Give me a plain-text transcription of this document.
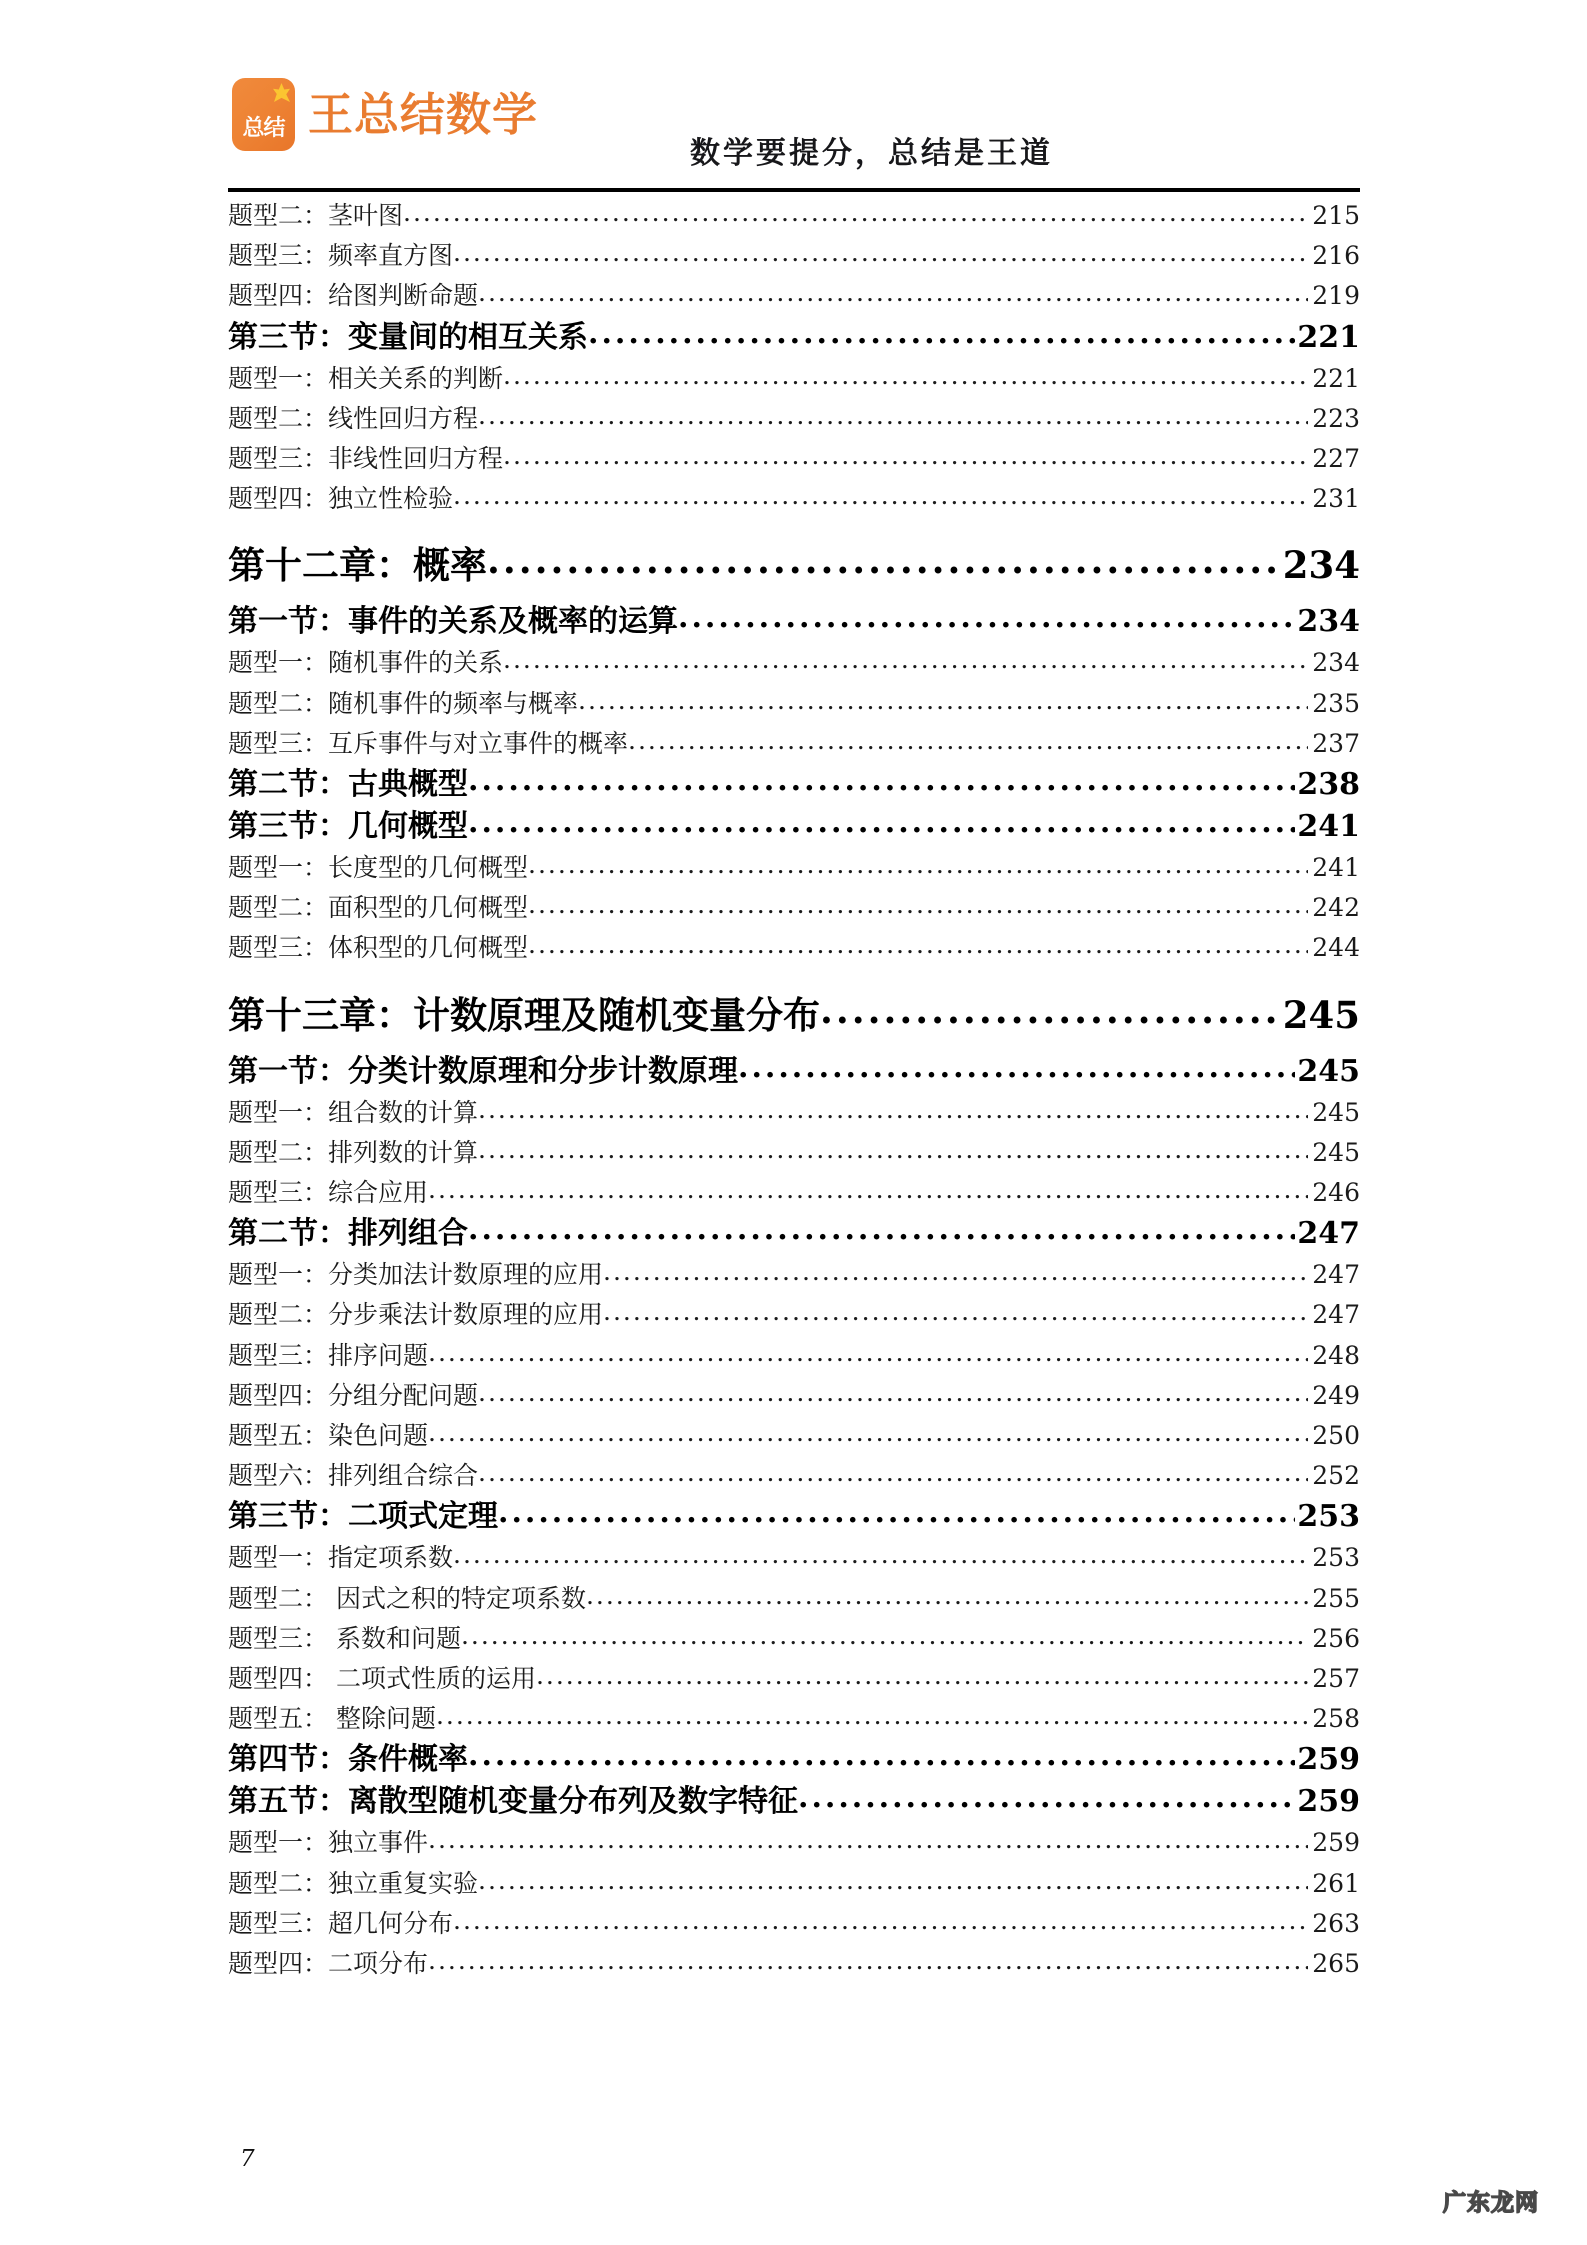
总结 王总结数学
数学要提分，总结是王道
题型二：茎叶图 .....	215
题型三：频率直方图 .....	216
题型四：给图判断命题 .....	219
第三节：变量间的相互关系 .....	221
题型一：相关关系的判断 .....	221
题型二：线性回归方程 .....	223
题型三：非线性回归方程 .....	227
题型四：独立性检验 .....	231
第十二章：概率 .....	234
第一节：事件的关系及概率的运算 .....	234
题型一：随机事件的关系 .....	234
题型二：随机事件的频率与概率 .....	235
题型三：互斥事件与对立事件的概率 .....	237
第二节：古典概型 .....	238
第三节：几何概型 .....	241
题型一：长度型的几何概型 .....	241
题型二：面积型的几何概型 .....	242
题型三：体积型的几何概型 .....	244
第十三章：计数原理及随机变量分布 .....	245
第一节：分类计数原理和分步计数原理 .....	245
题型一：组合数的计算 .....	245
题型二：排列数的计算 .....	245
题型三：综合应用 .....	246
第二节：排列组合 .....	247
题型一：分类加法计数原理的应用 .....	247
题型二：分步乘法计数原理的应用 .....	247
题型三：排序问题 .....	248
题型四：分组分配问题 .....	249
题型五：染色问题 .....	250
题型六：排列组合综合 .....	252
第三节：二项式定理 .....	253
题型一：指定项系数 .....	253
题型二： 因式之积的特定项系数 .....	255
题型三： 系数和问题 .....	256
题型四： 二项式性质的运用 .....	257
题型五： 整除问题 .....	258
第四节：条件概率 .....	259
第五节：离散型随机变量分布列及数字特征 .....	259
题型一：独立事件 .....	259
题型二：独立重复实验 .....	261
题型三：超几何分布 .....	263
题型四：二项分布 .....	265
7
广东龙网
